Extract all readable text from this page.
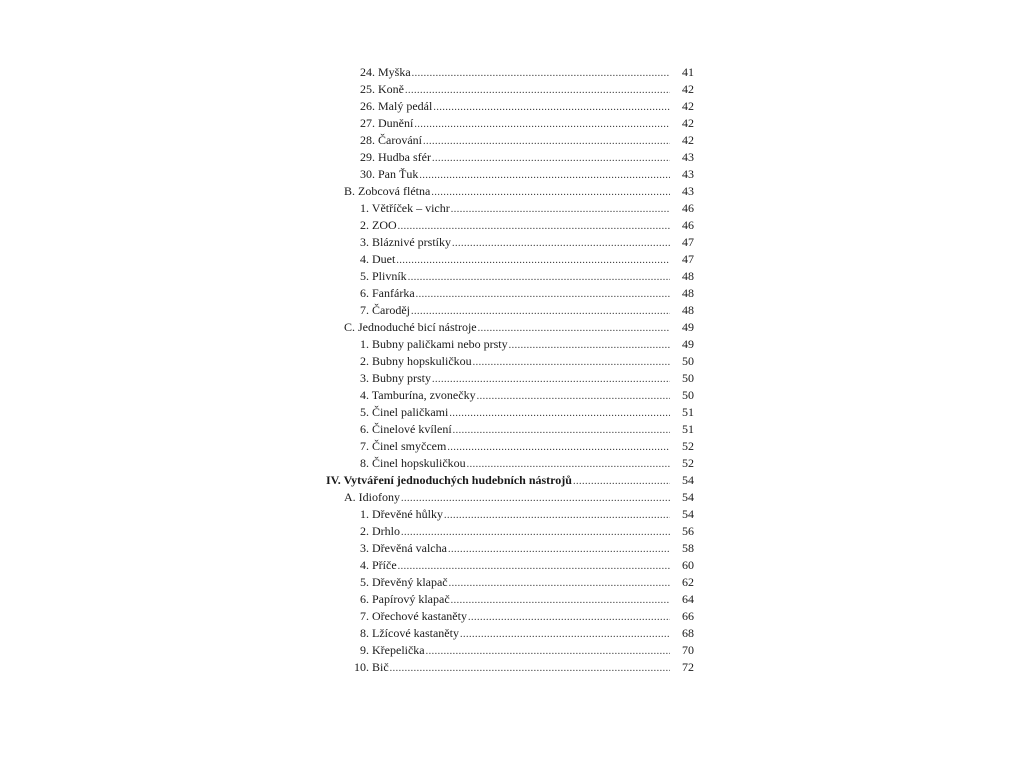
24. Myška .....	41
25. Koně .....	42
26. Malý pedál .....	42
27. Dunění .....	42
28. Čarování .....	42
29. Hudba sfér .....	43
30. Pan Ťuk .....	43
B. Zobcová flétna .....	43
1. Větříček – vichr .....	46
2. ZOO .....	46
3. Bláznivé prstíky .....	47
4. Duet .....	47
5. Plivník .....	48
6. Fanfárka .....	48
7. Čaroděj .....	48
C. Jednoduché bicí nástroje .....	49
1. Bubny paličkami nebo prsty .....	49
2. Bubny hopskuličkou .....	50
3. Bubny prsty .....	50
4. Tamburína, zvonečky .....	50
5. Činel paličkami .....	51
6. Činelové kvílení .....	51
7. Činel smyčcem .....	52
8. Činel hopskuličkou .....	52
IV. Vytváření jednoduchých hudebních nástrojů .....	54
A. Idiofony .....	54
1. Dřevěné hůlky .....	54
2. Drhlo .....	56
3. Dřevěná valcha .....	58
4. Příče .....	60
5. Dřevěný klapač .....	62
6. Papírový klapač .....	64
7. Ořechové kastaněty .....	66
8. Lžícové kastaněty .....	68
9. Křepelička .....	70
10. Bič .....	72
